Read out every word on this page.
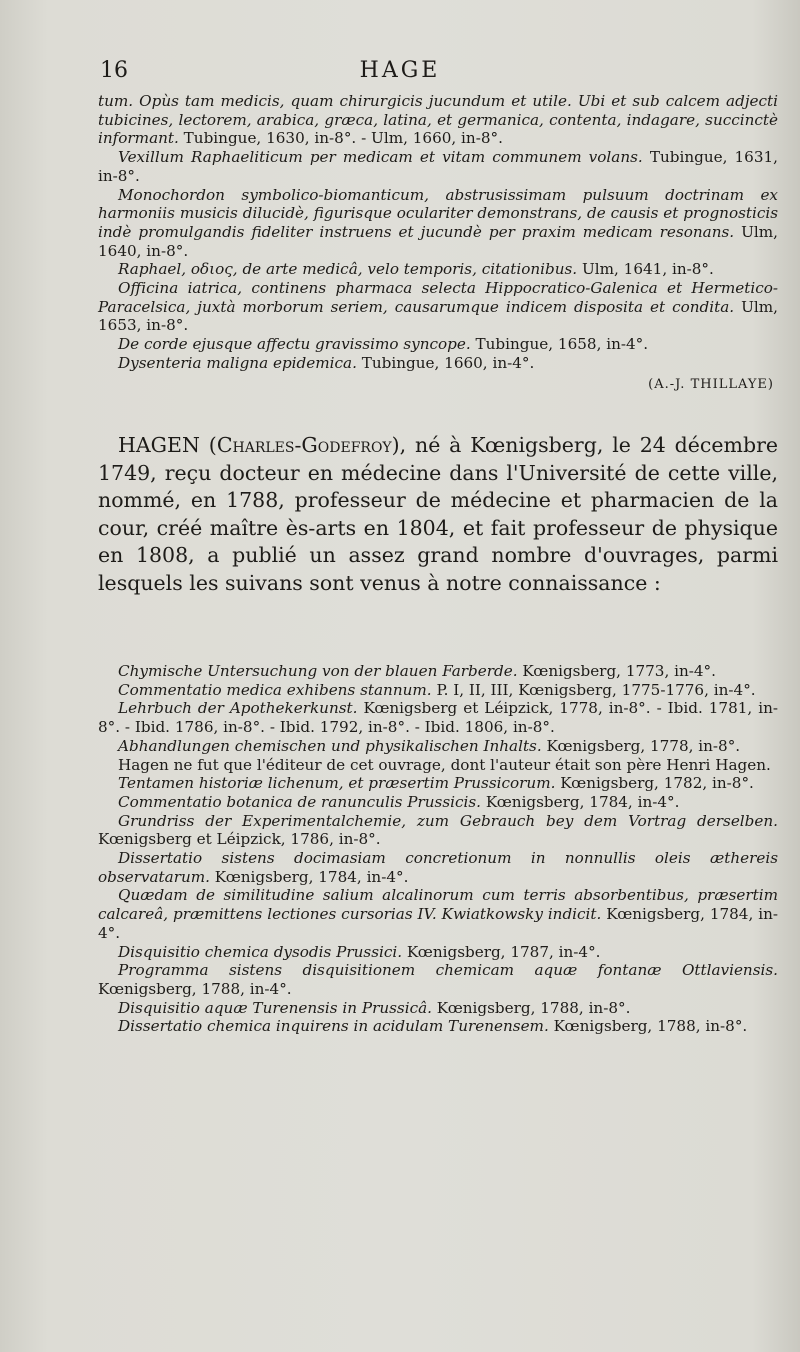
16	HAGE

tum. Opùs tam medicis, quam chirurgicis jucundum et utile. Ubi et sub calcem adjecti tubicines, lectorem, arabica, græca, latina, et germanica, contenta, indagare, succinctè informant. Tubingue, 1630, in-8°. - Ulm, 1660, in-8°.

Vexillum Raphaeliticum per medicam et vitam communem volans. Tubingue, 1631, in-8°.

Monochordon symbolico-biomanticum, abstrusissimam pulsuum doctrinam ex harmoniis musicis dilucidè, figurisque oculariter demonstrans, de causis et prognosticis indè promulgandis fideliter instruens et jucundè per praxim medicam resonans. Ulm, 1640, in-8°.

Raphael, οδιος, de arte medicâ, velo temporis, citationibus. Ulm, 1641, in-8°.

Officina iatrica, continens pharmaca selecta Hippocratico-Galenica et Hermetico-Paracelsica, juxtà morborum seriem, causarumque indicem disposita et condita. Ulm, 1653, in-8°.

De corde ejusque affectu gravissimo syncope. Tubingue, 1658, in-4°.

Dysenteria maligna epidemica. Tubingue, 1660, in-4°.

(A.-J. THILLAYE)

HAGEN (Charles-Godefroy), né à Kœnigsberg, le 24 décembre 1749, reçu docteur en médecine dans l'Université de cette ville, nommé, en 1788, professeur de médecine et pharmacien de la cour, créé maître ès-arts en 1804, et fait professeur de physique en 1808, a publié un assez grand nombre d'ouvrages, parmi lesquels les suivans sont venus à notre connaissance :

Chymische Untersuchung von der blauen Farberde. Kœnigsberg, 1773, in-4°.

Commentatio medica exhibens stannum. P. I, II, III, Kœnigsberg, 1775-1776, in-4°.

Lehrbuch der Apothekerkunst. Kœnigsberg et Léipzick, 1778, in-8°. - Ibid. 1781, in-8°. - Ibid. 1786, in-8°. - Ibid. 1792, in-8°. - Ibid. 1806, in-8°.

Abhandlungen chemischen und physikalischen Inhalts. Kœnigsberg, 1778, in-8°.

Hagen ne fut que l'éditeur de cet ouvrage, dont l'auteur était son père Henri Hagen.

Tentamen historiæ lichenum, et præsertim Prussicorum. Kœnigsberg, 1782, in-8°.

Commentatio botanica de ranunculis Prussicis. Kœnigsberg, 1784, in-4°.

Grundriss der Experimentalchemie, zum Gebrauch bey dem Vortrag derselben. Kœnigsberg et Léipzick, 1786, in-8°.

Dissertatio sistens docimasiam concretionum in nonnullis oleis æthereis observatarum. Kœnigsberg, 1784, in-4°.

Quædam de similitudine salium alcalinorum cum terris absorbentibus, præsertim calcareâ, præmittens lectiones cursorias IV. Kwiatkowsky indicit. Kœnigsberg, 1784, in-4°.

Disquisitio chemica dysodis Prussici. Kœnigsberg, 1787, in-4°.

Programma sistens disquisitionem chemicam aquæ fontanæ Ottlaviensis. Kœnigsberg, 1788, in-4°.

Disquisitio aquæ Turenensis in Prussicâ. Kœnigsberg, 1788, in-8°.

Dissertatio chemica inquirens in acidulam Turenensem. Kœnigsberg, 1788, in-8°.
